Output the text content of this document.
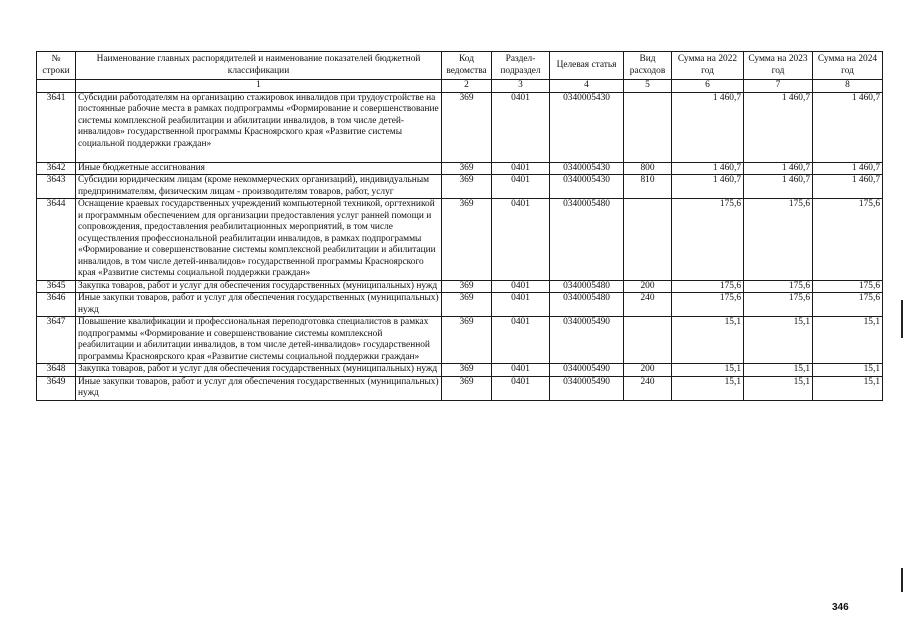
№ строки	Наименование главных распорядителей и наименование показателей бюджетной классификации	Код ведомства	Раздел-подраздел	Целевая статья	Вид расходов	Сумма на 2022 год	Сумма на 2023 год	Сумма на 2024 год
	1	2	3	4	5	6	7	8
3641	Субсидии работодателям на организацию стажировок инвалидов при трудоустройстве на постоянные рабочие места в рамках подпрограммы «Формирование и совершенствование системы комплексной реабилитации и абилитации инвалидов, в том числе детей-инвалидов» государственной программы Красноярского края «Развитие системы социальной поддержки граждан»	369	0401	0340005430		1 460,7	1 460,7	1 460,7
3642	Иные бюджетные ассигнования	369	0401	0340005430	800	1 460,7	1 460,7	1 460,7
3643	Субсидии юридическим лицам (кроме некоммерческих организаций), индивидуальным предпринимателям, физическим лицам - производителям товаров, работ, услуг	369	0401	0340005430	810	1 460,7	1 460,7	1 460,7
3644	Оснащение краевых государственных учреждений компьютерной техникой, оргтехникой и программным обеспечением для организации предоставления услуг ранней помощи и сопровождения, предоставления реабилитационных мероприятий, в том числе осуществления профессиональной реабилитации инвалидов, в рамках подпрограммы «Формирование и совершенствование системы комплексной реабилитации и абилитации инвалидов, в том числе детей-инвалидов» государственной программы Красноярского края «Развитие системы социальной поддержки граждан»	369	0401	0340005480		175,6	175,6	175,6
3645	Закупка товаров, работ и услуг для обеспечения государственных (муниципальных) нужд	369	0401	0340005480	200	175,6	175,6	175,6
3646	Иные закупки товаров, работ и услуг для обеспечения государственных (муниципальных) нужд	369	0401	0340005480	240	175,6	175,6	175,6
3647	Повышение квалификации и профессиональная переподготовка специалистов в рамках подпрограммы «Формирование и совершенствование системы комплексной реабилитации и абилитации инвалидов, в том числе детей-инвалидов» государственной программы Красноярского края «Развитие системы социальной поддержки граждан»	369	0401	0340005490		15,1	15,1	15,1
3648	Закупка товаров, работ и услуг для обеспечения государственных (муниципальных) нужд	369	0401	0340005490	200	15,1	15,1	15,1
3649	Иные закупки товаров, работ и услуг для обеспечения государственных (муниципальных) нужд	369	0401	0340005490	240	15,1	15,1	15,1
346
